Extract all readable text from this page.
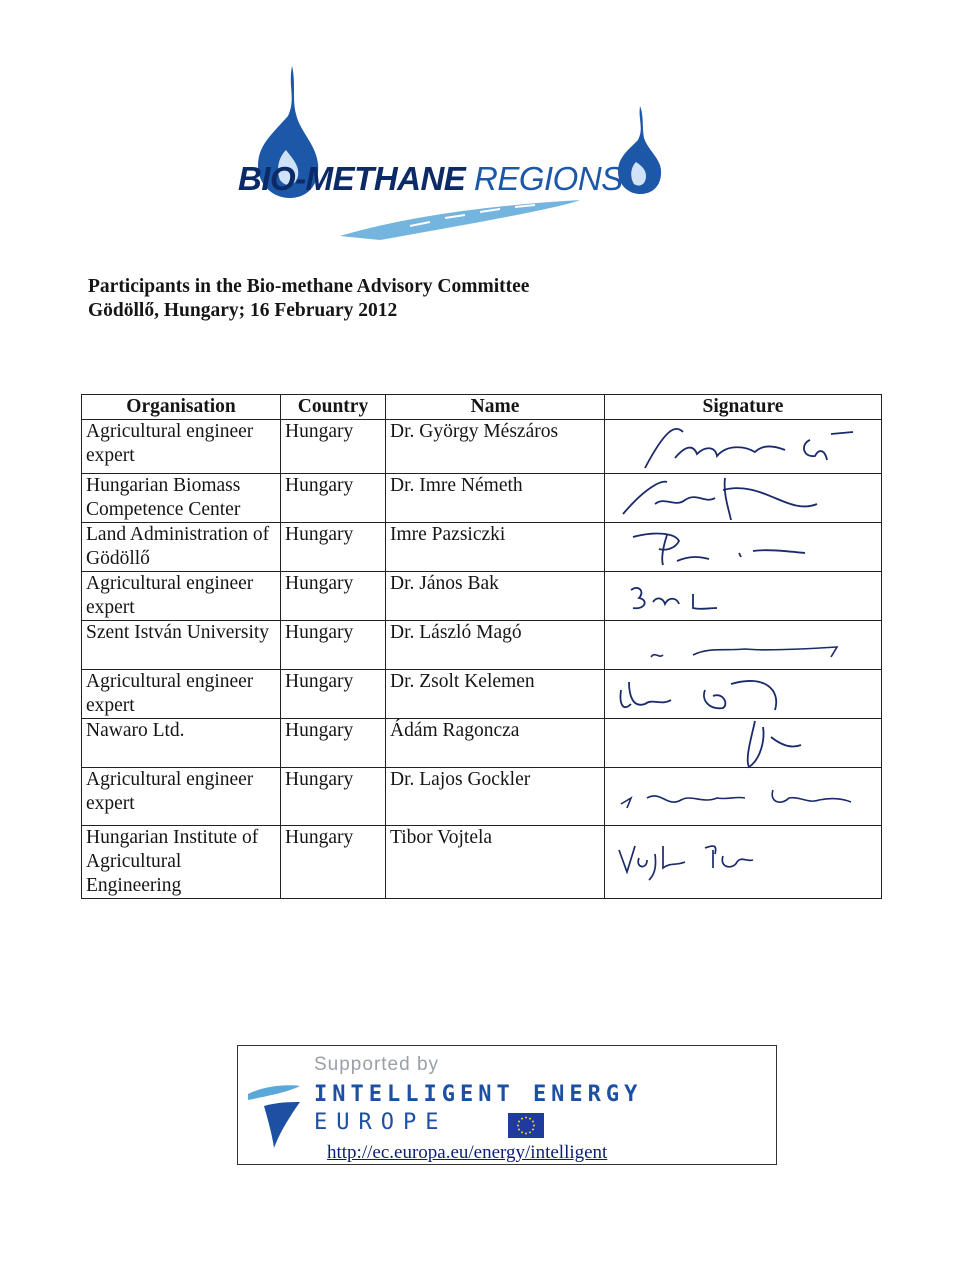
BIO-METHANE REGIONS
Participants in the Bio-methane Advisory Committee
Gödöllő, Hungary; 16 February 2012
Organisation	Country	Name	Signature
Agricultural engineer expert	Hungary	Dr. György Mészáros	

Hungarian Biomass Competence Center	Hungary	Dr. Imre Németh	

Land Administration of Gödöllő	Hungary	Imre Pazsiczki	

Agricultural engineer expert	Hungary	Dr. János Bak	

Szent István University	Hungary	Dr. László Magó	

Agricultural engineer expert	Hungary	Dr. Zsolt Kelemen	

Nawaro Ltd.	Hungary	Ádám Ragoncza	

Agricultural engineer expert	Hungary	Dr. Lajos Gockler	

Hungarian Institute of Agricultural Engineering	Hungary	Tibor Vojtela	
Supported by
INTELLIGENT ENERGY
EUROPE
http://ec.europa.eu/energy/intelligent
